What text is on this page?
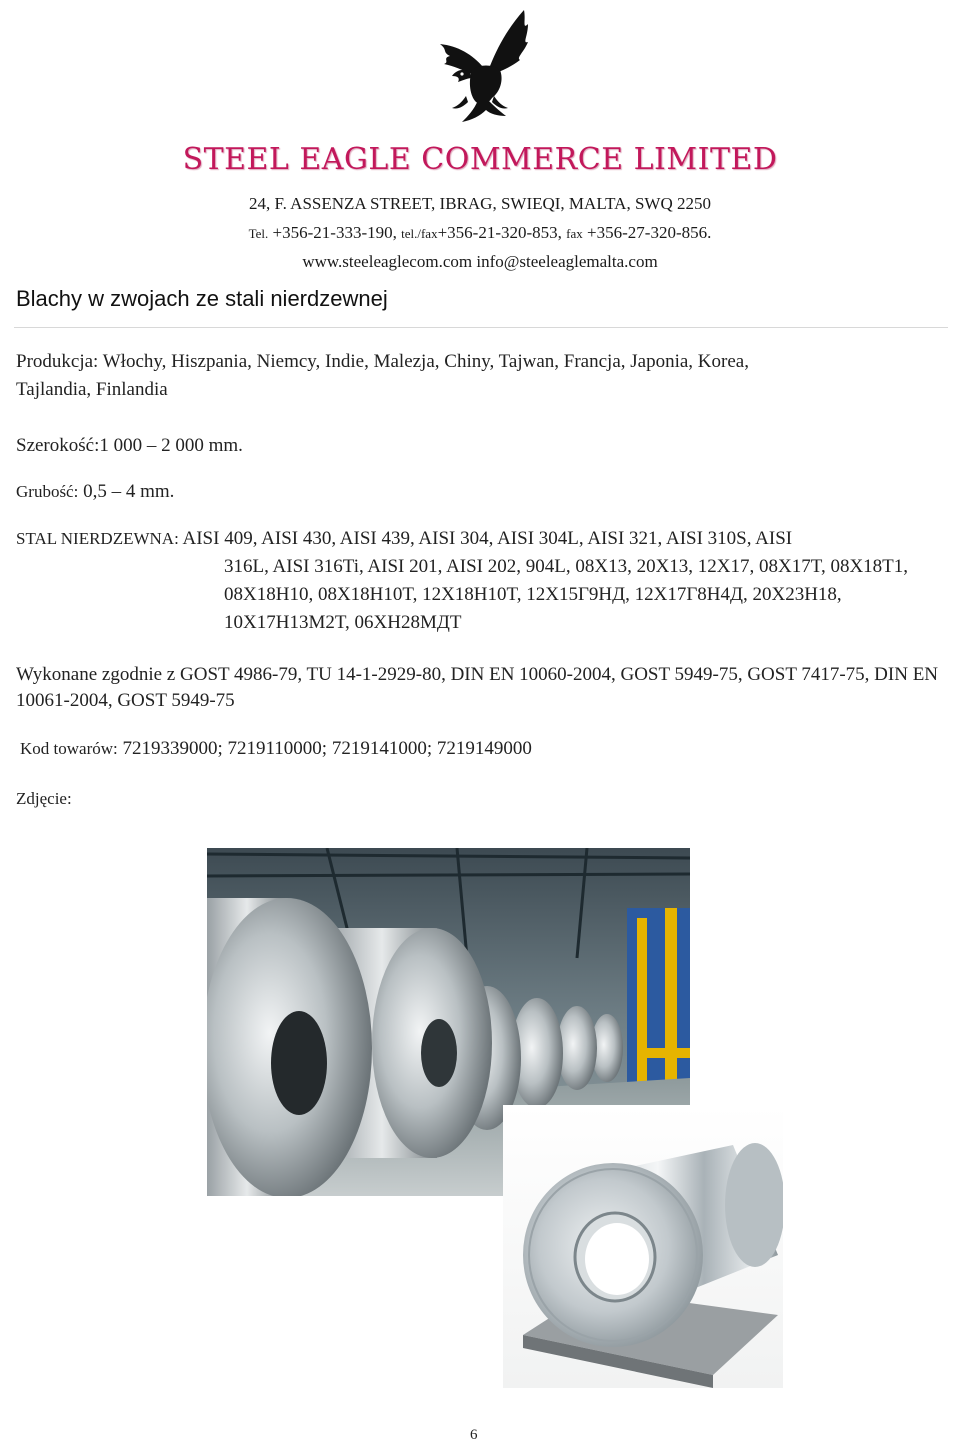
STEEL EAGLE COMMERCE LIMITED
24, F. ASSENZA STREET, IBRAG, SWIEQI, MALTA, SWQ 2250
Tel. +356-21-333-190, tel./fax+356-21-320-853, fax +356-27-320-856.
www.steeleaglecom.com info@steeleaglemalta.com
Blachy w zwojach ze stali nierdzewnej
Produkcja: Włochy, Hiszpania, Niemcy, Indie, Malezja, Chiny, Tajwan, Francja, Japonia, Korea, Tajlandia, Finlandia
Szerokość:1 000 – 2 000 mm.
Grubość: 0,5 – 4 mm.
STAL NIERDZEWNA: AISI 409, AISI 430, AISI 439, AISI 304, AISI 304L, AISI 321, AISI 310S, AISI
316L, AISI 316Ti, AISI 201, AISI 202, 904L, 08X13, 20X13, 12X17, 08X17T, 08X18T1, 08X18H10, 08X18H10T, 12X18H10T, 12X15Г9НД, 12X17Г8Н4Д, 20X23H18, 10X17H13M2T, 06XH28МДТ
Wykonane zgodnie z GOST 4986-79, TU 14-1-2929-80, DIN EN 10060-2004, GOST 5949-75, GOST 7417-75, DIN EN 10061-2004, GOST 5949-75
Kod towarów: 7219339000; 7219110000; 7219141000; 7219149000
Zdjęcie:
6
